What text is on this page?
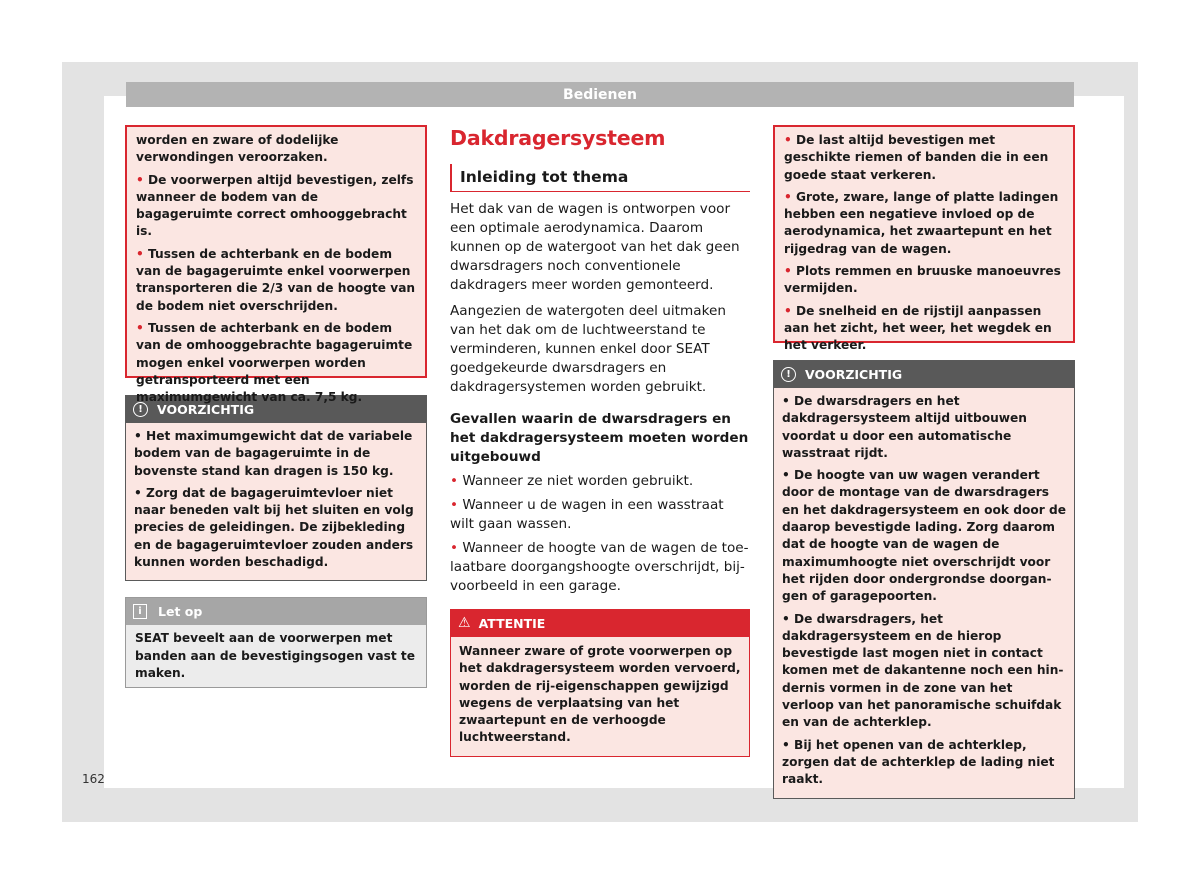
Bedienen

worden en zware of dodelijke verwondingen veroorzaken.

• De voorwerpen altijd bevestigen, zelfs wanneer de bodem van de bagageruimte correct omhooggebracht is.

• Tussen de achterbank en de bodem van de bagageruimte enkel voorwerpen transporteren die 2/3 van de hoogte van de bodem niet overschrijden.

• Tussen de achterbank en de bodem van de omhooggebrachte bagageruimte mogen enkel voorwerpen worden getransporteerd met een maximumgewicht van ca. 7,5 kg.

!	VOORZICHTIG

• Het maximumgewicht dat de variabele bodem van de bagageruimte in de bovenste stand kan dragen is 150 kg.

• Zorg dat de bagageruimtevloer niet naar beneden valt bij het sluiten en volg precies de geleidingen. De zijbekleding en de bagageruimtevloer zouden anders kunnen worden beschadigd.

i	Let op

SEAT beveelt aan de voorwerpen met banden aan de bevestigingsogen vast te maken.

Dakdragersysteem
Inleiding tot thema

Het dak van de wagen is ontworpen voor een optimale aerodynamica. Daarom kunnen op de watergoot van het dak geen dwarsdragers noch conventionele dakdragers meer worden gemonteerd.

Aangezien de watergoten deel uitmaken van het dak om de luchtweerstand te verminderen, kunnen enkel door SEAT goedgekeurde dwarsdragers en dakdragersystemen worden gebruikt.

Gevallen waarin de dwarsdragers en het dakdragersysteem moeten worden uitgebouwd

• Wanneer ze niet worden gebruikt.

• Wanneer u de wagen in een wasstraat wilt gaan wassen.

• Wanneer de hoogte van de wagen de toelaatbare doorgangshoogte overschrijdt, bijvoorbeeld in een garage.

⚠ ATTENTIE

Wanneer zware of grote voorwerpen op het dakdragersysteem worden vervoerd, worden de rij-eigenschappen gewijzigd wegens de verplaatsing van het zwaartepunt en de verhoogde luchtweerstand.

• De last altijd bevestigen met geschikte riemen of banden die in een goede staat verkeren.

• Grote, zware, lange of platte ladingen hebben een negatieve invloed op de aerodynamica, het zwaartepunt en het rijgedrag van de wagen.

• Plots remmen en bruuske manoeuvres vermijden.

• De snelheid en de rijstijl aanpassen aan het zicht, het weer, het wegdek en het verkeer.

!	VOORZICHTIG

• De dwarsdragers en het dakdragersysteem altijd uitbouwen voordat u door een automatische wasstraat rijdt.

• De hoogte van uw wagen verandert door de montage van de dwarsdragers en het dakdragersysteem en ook door de daarop bevestigde lading. Zorg daarom dat de hoogte van de wagen de maximumhoogte niet overschrijdt voor het rijden door ondergrondse doorgangen of garagepoorten.

• De dwarsdragers, het dakdragersysteem en de hierop bevestigde last mogen niet in contact komen met de dakantenne noch een hindernis vormen in de zone van het verloop van het panoramische schuifdak en van de achterklep.

• Bij het openen van de achterklep, zorgen dat de achterklep de lading niet raakt.

162
